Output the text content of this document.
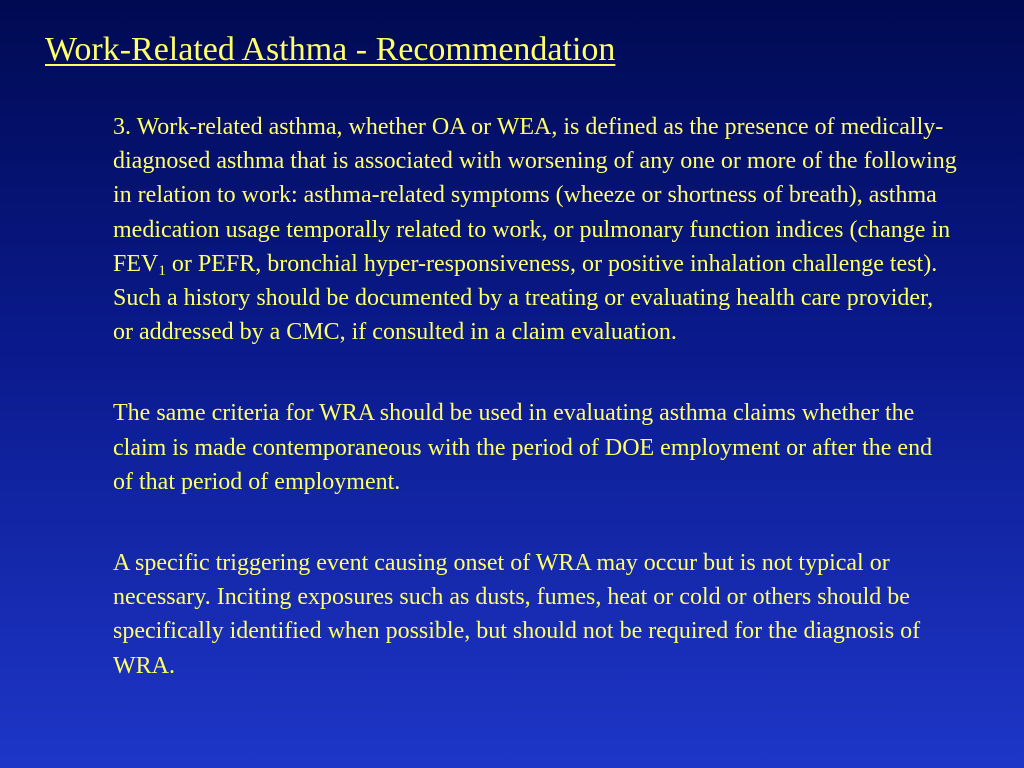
Work-Related Asthma - Recommendation

3. Work-related asthma, whether OA or WEA, is defined as the presence of medically-diagnosed asthma that is associated with worsening of any one or more of the following in relation to work: asthma-related symptoms (wheeze or shortness of breath), asthma medication usage temporally related to work, or pulmonary function indices (change in $FEV_1$ or PEFR, bronchial hyper-responsiveness, or positive inhalation challenge test). Such a history should be documented by a treating or evaluating health care provider, or addressed by a CMC, if consulted in a claim evaluation.

The same criteria for WRA should be used in evaluating asthma claims whether the claim is made contemporaneous with the period of DOE employment or after the end of that period of employment.

A specific triggering event causing onset of WRA may occur but is not typical or necessary. Inciting exposures such as dusts, fumes, heat or cold or others should be specifically identified when possible, but should not be required for the diagnosis of WRA.
